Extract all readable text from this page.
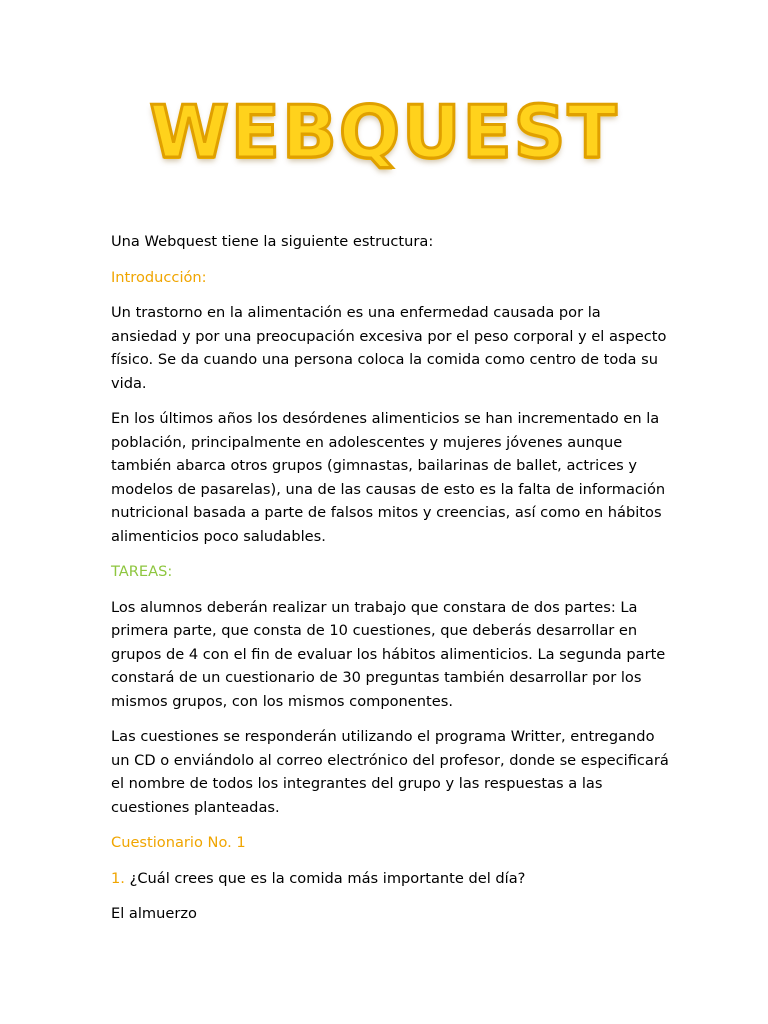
WEBQUEST

Una Webquest tiene la siguiente estructura:

Introducción:

Un trastorno en la alimentación es una enfermedad causada por la ansiedad y por una preocupación excesiva por el peso corporal y el aspecto físico. Se da cuando una persona coloca la comida como centro de toda su vida.

En los últimos años los desórdenes alimenticios se han incrementado en la población, principalmente en adolescentes y mujeres jóvenes aunque también abarca otros grupos (gimnastas, bailarinas de ballet, actrices y modelos de pasarelas), una de las causas de esto es la falta de información nutricional basada a parte de falsos mitos y creencias, así como en hábitos alimenticios poco saludables.

TAREAS:

Los alumnos deberán realizar un trabajo que constara de dos partes: La primera parte, que consta de 10 cuestiones, que deberás desarrollar en grupos de 4 con el fin de evaluar los hábitos alimenticios. La segunda parte constará de un cuestionario de 30 preguntas también desarrollar por los mismos grupos, con los mismos componentes.

Las cuestiones se responderán utilizando el programa Writter, entregando un CD o enviándolo al correo electrónico del profesor, donde se especificará el nombre de todos los integrantes del grupo y las respuestas a las cuestiones planteadas.

Cuestionario No. 1

1. ¿Cuál crees que es la comida más importante del día?

El almuerzo
